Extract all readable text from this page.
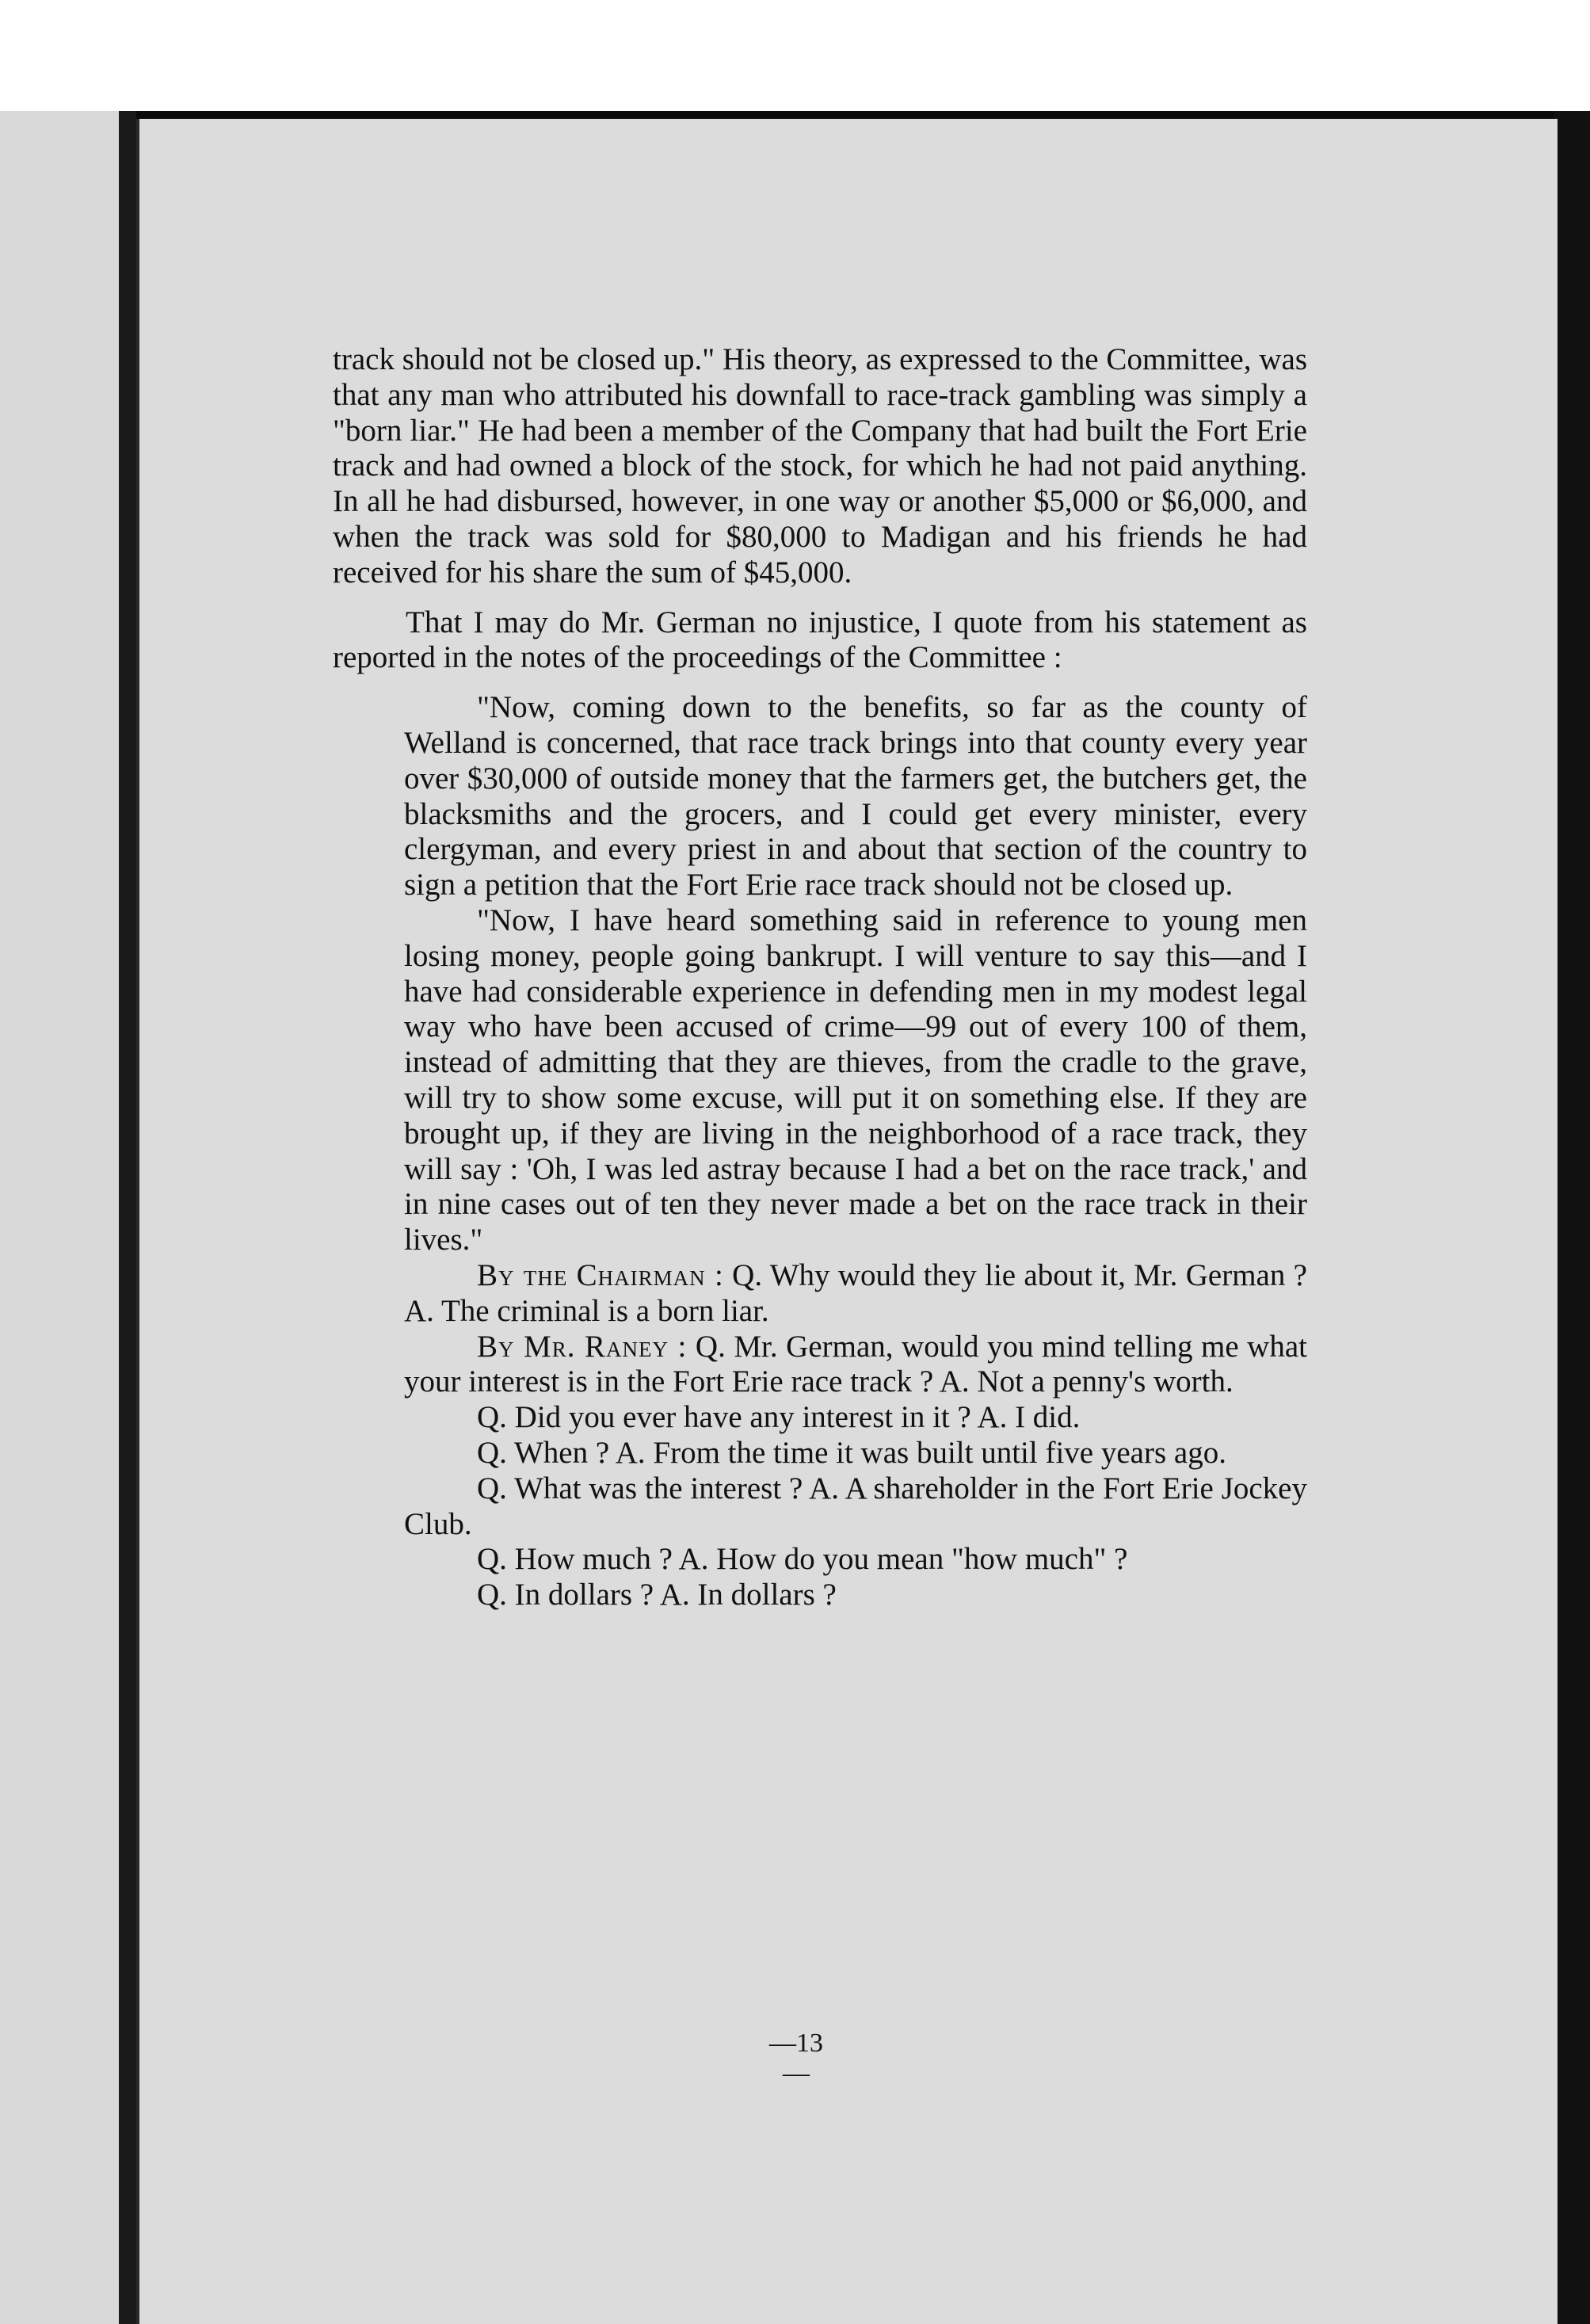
track should not be closed up." His theory, as expressed to the Committee, was that any man who attributed his downfall to race-track gambling was simply a "born liar." He had been a member of the Company that had built the Fort Erie track and had owned a block of the stock, for which he had not paid anything. In all he had disbursed, however, in one way or another $5,000 or $6,000, and when the track was sold for $80,000 to Madigan and his friends he had received for his share the sum of $45,000.

That I may do Mr. German no injustice, I quote from his statement as reported in the notes of the proceedings of the Committee :

"Now, coming down to the benefits, so far as the county of Welland is concerned, that race track brings into that county every year over $30,000 of outside money that the farmers get, the butchers get, the blacksmiths and the grocers, and I could get every minister, every clergyman, and every priest in and about that section of the country to sign a petition that the Fort Erie race track should not be closed up.

"Now, I have heard something said in reference to young men losing money, people going bankrupt. I will venture to say this—and I have had considerable experience in defending men in my modest legal way who have been accused of crime—99 out of every 100 of them, instead of admitting that they are thieves, from the cradle to the grave, will try to show some excuse, will put it on something else. If they are brought up, if they are living in the neighborhood of a race track, they will say : 'Oh, I was led astray because I had a bet on the race track,' and in nine cases out of ten they never made a bet on the race track in their lives."

By the Chairman : Q. Why would they lie about it, Mr. German ? A. The criminal is a born liar.

By Mr. Raney : Q. Mr. German, would you mind telling me what your interest is in the Fort Erie race track ? A. Not a penny's worth.

Q. Did you ever have any interest in it ? A. I did.

Q. When ? A. From the time it was built until five years ago.

Q. What was the interest ? A. A shareholder in the Fort Erie Jockey Club.

Q. How much ? A. How do you mean "how much" ?

Q. In dollars ? A. In dollars ?

—13—
